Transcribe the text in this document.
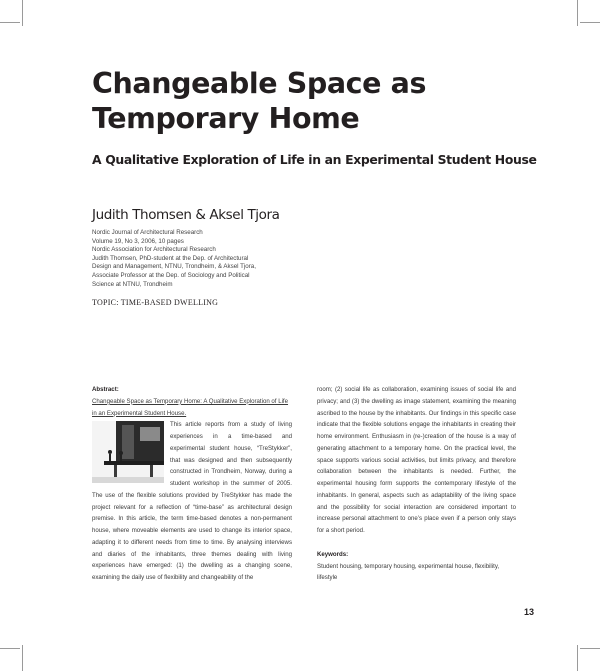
Changeable Space as
Temporary Home
A Qualitative Exploration of Life in an Experimental Student House
Judith Thomsen & Aksel Tjora
Nordic Journal of Architectural Research
Volume 19, No 3, 2006, 10 pages
Nordic Association for Architectural Research
Judith Thomsen, PhD-student at the Dep. of Architectural
Design and Management, NTNU, Trondheim, & Aksel Tjora,
Associate Professor at the Dep. of Sociology and Political
Science at NTNU, Trondheim
TOPIC: TIME-BASED DWELLING
Abstract:
Changeable Space as Temporary Home: A Qualitative Exploration of Life in an Experimental Student House.

This article reports from a study of living experiences in a time-based and experimental student house, “TreStykker”, that was designed and then subsequently constructed in Trondheim, Norway, during a student workshop in the summer of 2005. The use of the flexible solutions provided by TreStykker has made the project relevant for a reflection of “time-base” as architectural design premise. In this article, the term time-based denotes a non-permanent house, where moveable elements are used to change its interior space, adapting it to different needs from time to time. By analysing interviews and diaries of the inhabitants, three themes dealing with living experiences have emerged: (1) the dwelling as a changing scene, examining the daily use of flexibility and changeability of the

room; (2) social life as collaboration, examining issues of social life and privacy; and (3) the dwelling as image statement, examining the meaning ascribed to the house by the inhabitants. Our findings in this specific case indicate that the flexible solutions engage the inhabitants in creating their home environment. Enthusiasm in (re-)creation of the house is a way of generating attachment to a temporary home. On the practical level, the space supports various social activities, but limits privacy, and therefore collaboration between the inhabitants is needed. Further, the experimental housing form supports the contemporary lifestyle of the inhabitants. In general, aspects such as adaptability of the living space and the possibility for social interaction are considered important to increase personal attachment to one’s place even if a person only stays for a short period.

Keywords:

Student housing, temporary housing, experimental house, flexibility, lifestyle

13
